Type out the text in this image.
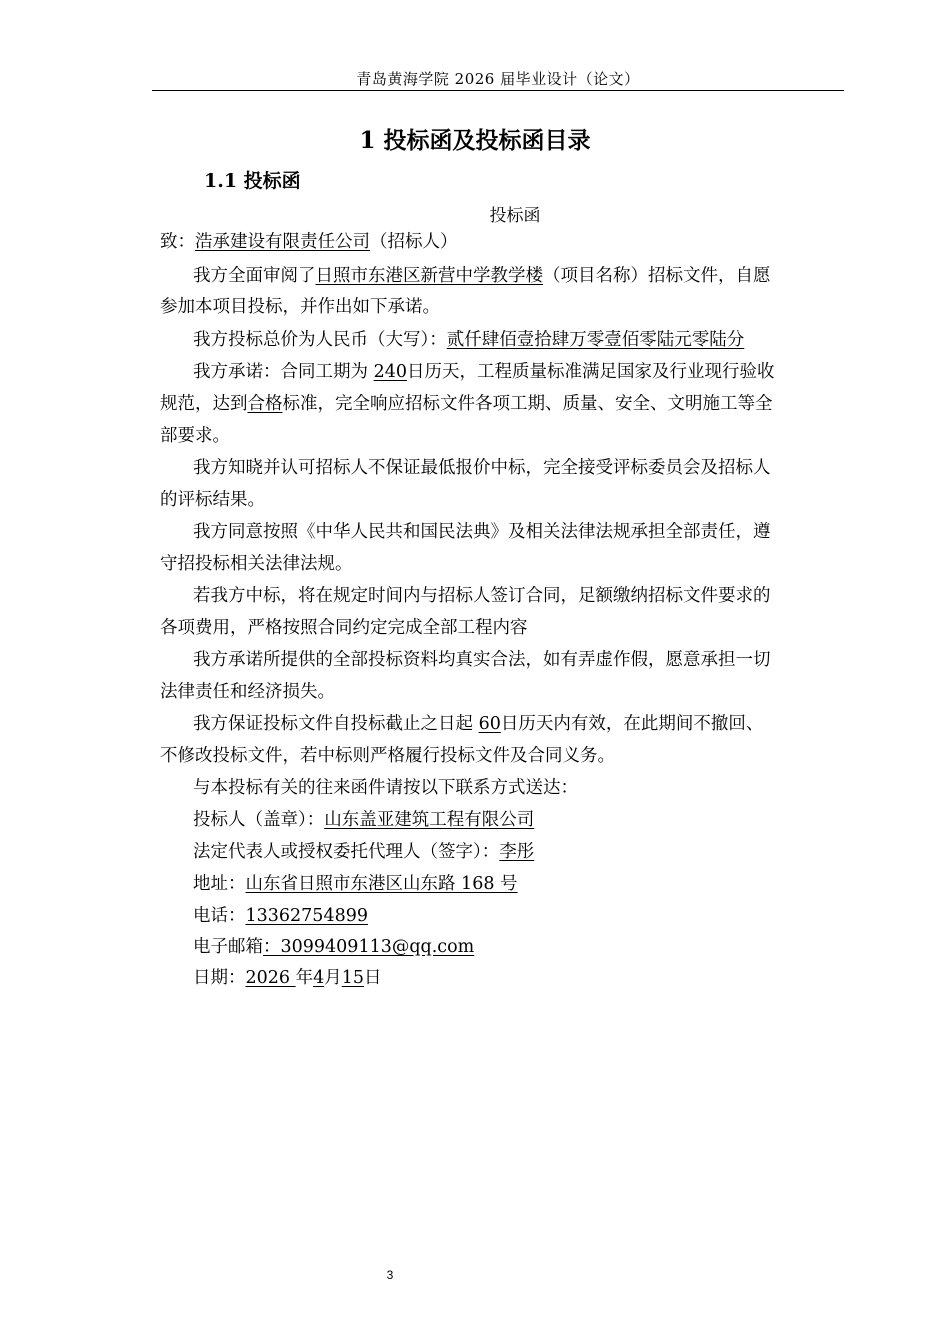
青岛黄海学院 2026 届毕业设计（论文）
1 投标函及投标函目录
1.1 投标函
投标函
致：浩承建设有限责任公司（招标人）
我方全面审阅了日照市东港区新营中学教学楼（项目名称）招标文件，自愿
参加本项目投标，并作出如下承诺。
我方投标总价为人民币（大写）：贰仟肆佰壹拾肆万零壹佰零陆元零陆分
我方承诺：合同工期为 240日历天，工程质量标准满足国家及行业现行验收
规范，达到合格标准，完全响应招标文件各项工期、质量、安全、文明施工等全
部要求。
我方知晓并认可招标人不保证最低报价中标，完全接受评标委员会及招标人
的评标结果。
我方同意按照《中华人民共和国民法典》及相关法律法规承担全部责任，遵
守招投标相关法律法规。
若我方中标，将在规定时间内与招标人签订合同，足额缴纳招标文件要求的
各项费用，严格按照合同约定完成全部工程内容
我方承诺所提供的全部投标资料均真实合法，如有弄虚作假，愿意承担一切
法律责任和经济损失。
我方保证投标文件自投标截止之日起 60日历天内有效，在此期间不撤回、
不修改投标文件，若中标则严格履行投标文件及合同义务。
与本投标有关的往来函件请按以下联系方式送达：
投标人（盖章）：山东盖亚建筑工程有限公司
法定代表人或授权委托代理人（签字）：李彤
地址：山东省日照市东港区山东路 168 号
电话：13362754899
电子邮箱：3099409113@qq.com
日期：2026 年4月15日
3
